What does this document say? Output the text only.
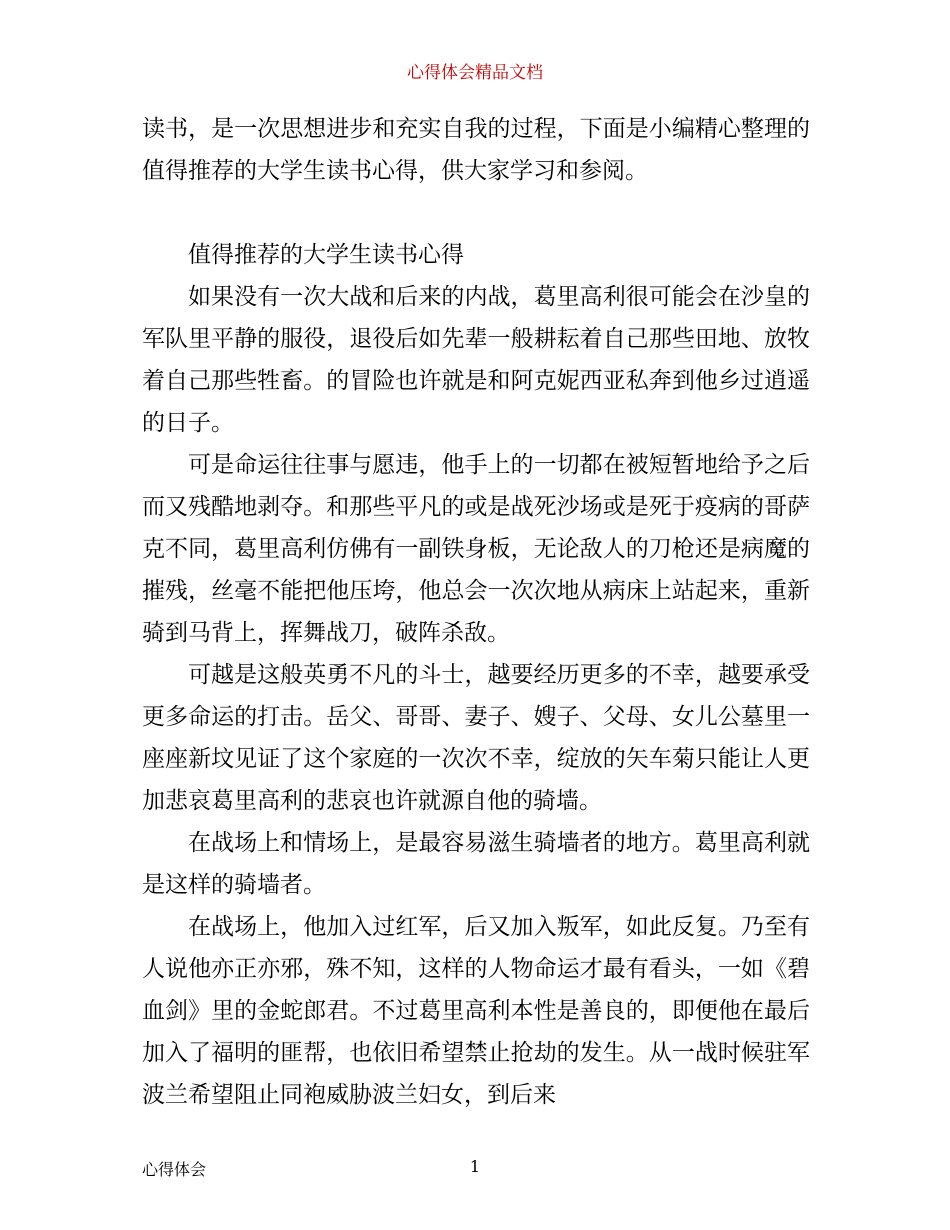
心得体会精品文档

读书，是一次思想进步和充实自我的过程，下面是小编精心整理的值得推荐的大学生读书心得，供大家学习和参阅。

值得推荐的大学生读书心得

如果没有一次大战和后来的内战，葛里高利很可能会在沙皇的军队里平静的服役，退役后如先辈一般耕耘着自己那些田地、放牧着自己那些牲畜。的冒险也许就是和阿克妮西亚私奔到他乡过逍遥的日子。

可是命运往往事与愿违，他手上的一切都在被短暂地给予之后而又残酷地剥夺。和那些平凡的或是战死沙场或是死于疫病的哥萨克不同，葛里高利仿佛有一副铁身板，无论敌人的刀枪还是病魔的摧残，丝毫不能把他压垮，他总会一次次地从病床上站起来，重新骑到马背上，挥舞战刀，破阵杀敌。

可越是这般英勇不凡的斗士，越要经历更多的不幸，越要承受更多命运的打击。岳父、哥哥、妻子、嫂子、父母、女儿公墓里一座座新坟见证了这个家庭的一次次不幸，绽放的矢车菊只能让人更加悲哀葛里高利的悲哀也许就源自他的骑墙。

在战场上和情场上，是最容易滋生骑墙者的地方。葛里高利就是这样的骑墙者。

在战场上，他加入过红军，后又加入叛军，如此反复。乃至有人说他亦正亦邪，殊不知，这样的人物命运才最有看头，一如《碧血剑》里的金蛇郎君。不过葛里高利本性是善良的，即便他在最后加入了福明的匪帮，也依旧希望禁止抢劫的发生。从一战时候驻军波兰希望阻止同袍威胁波兰妇女，到后来

心得体会	1
